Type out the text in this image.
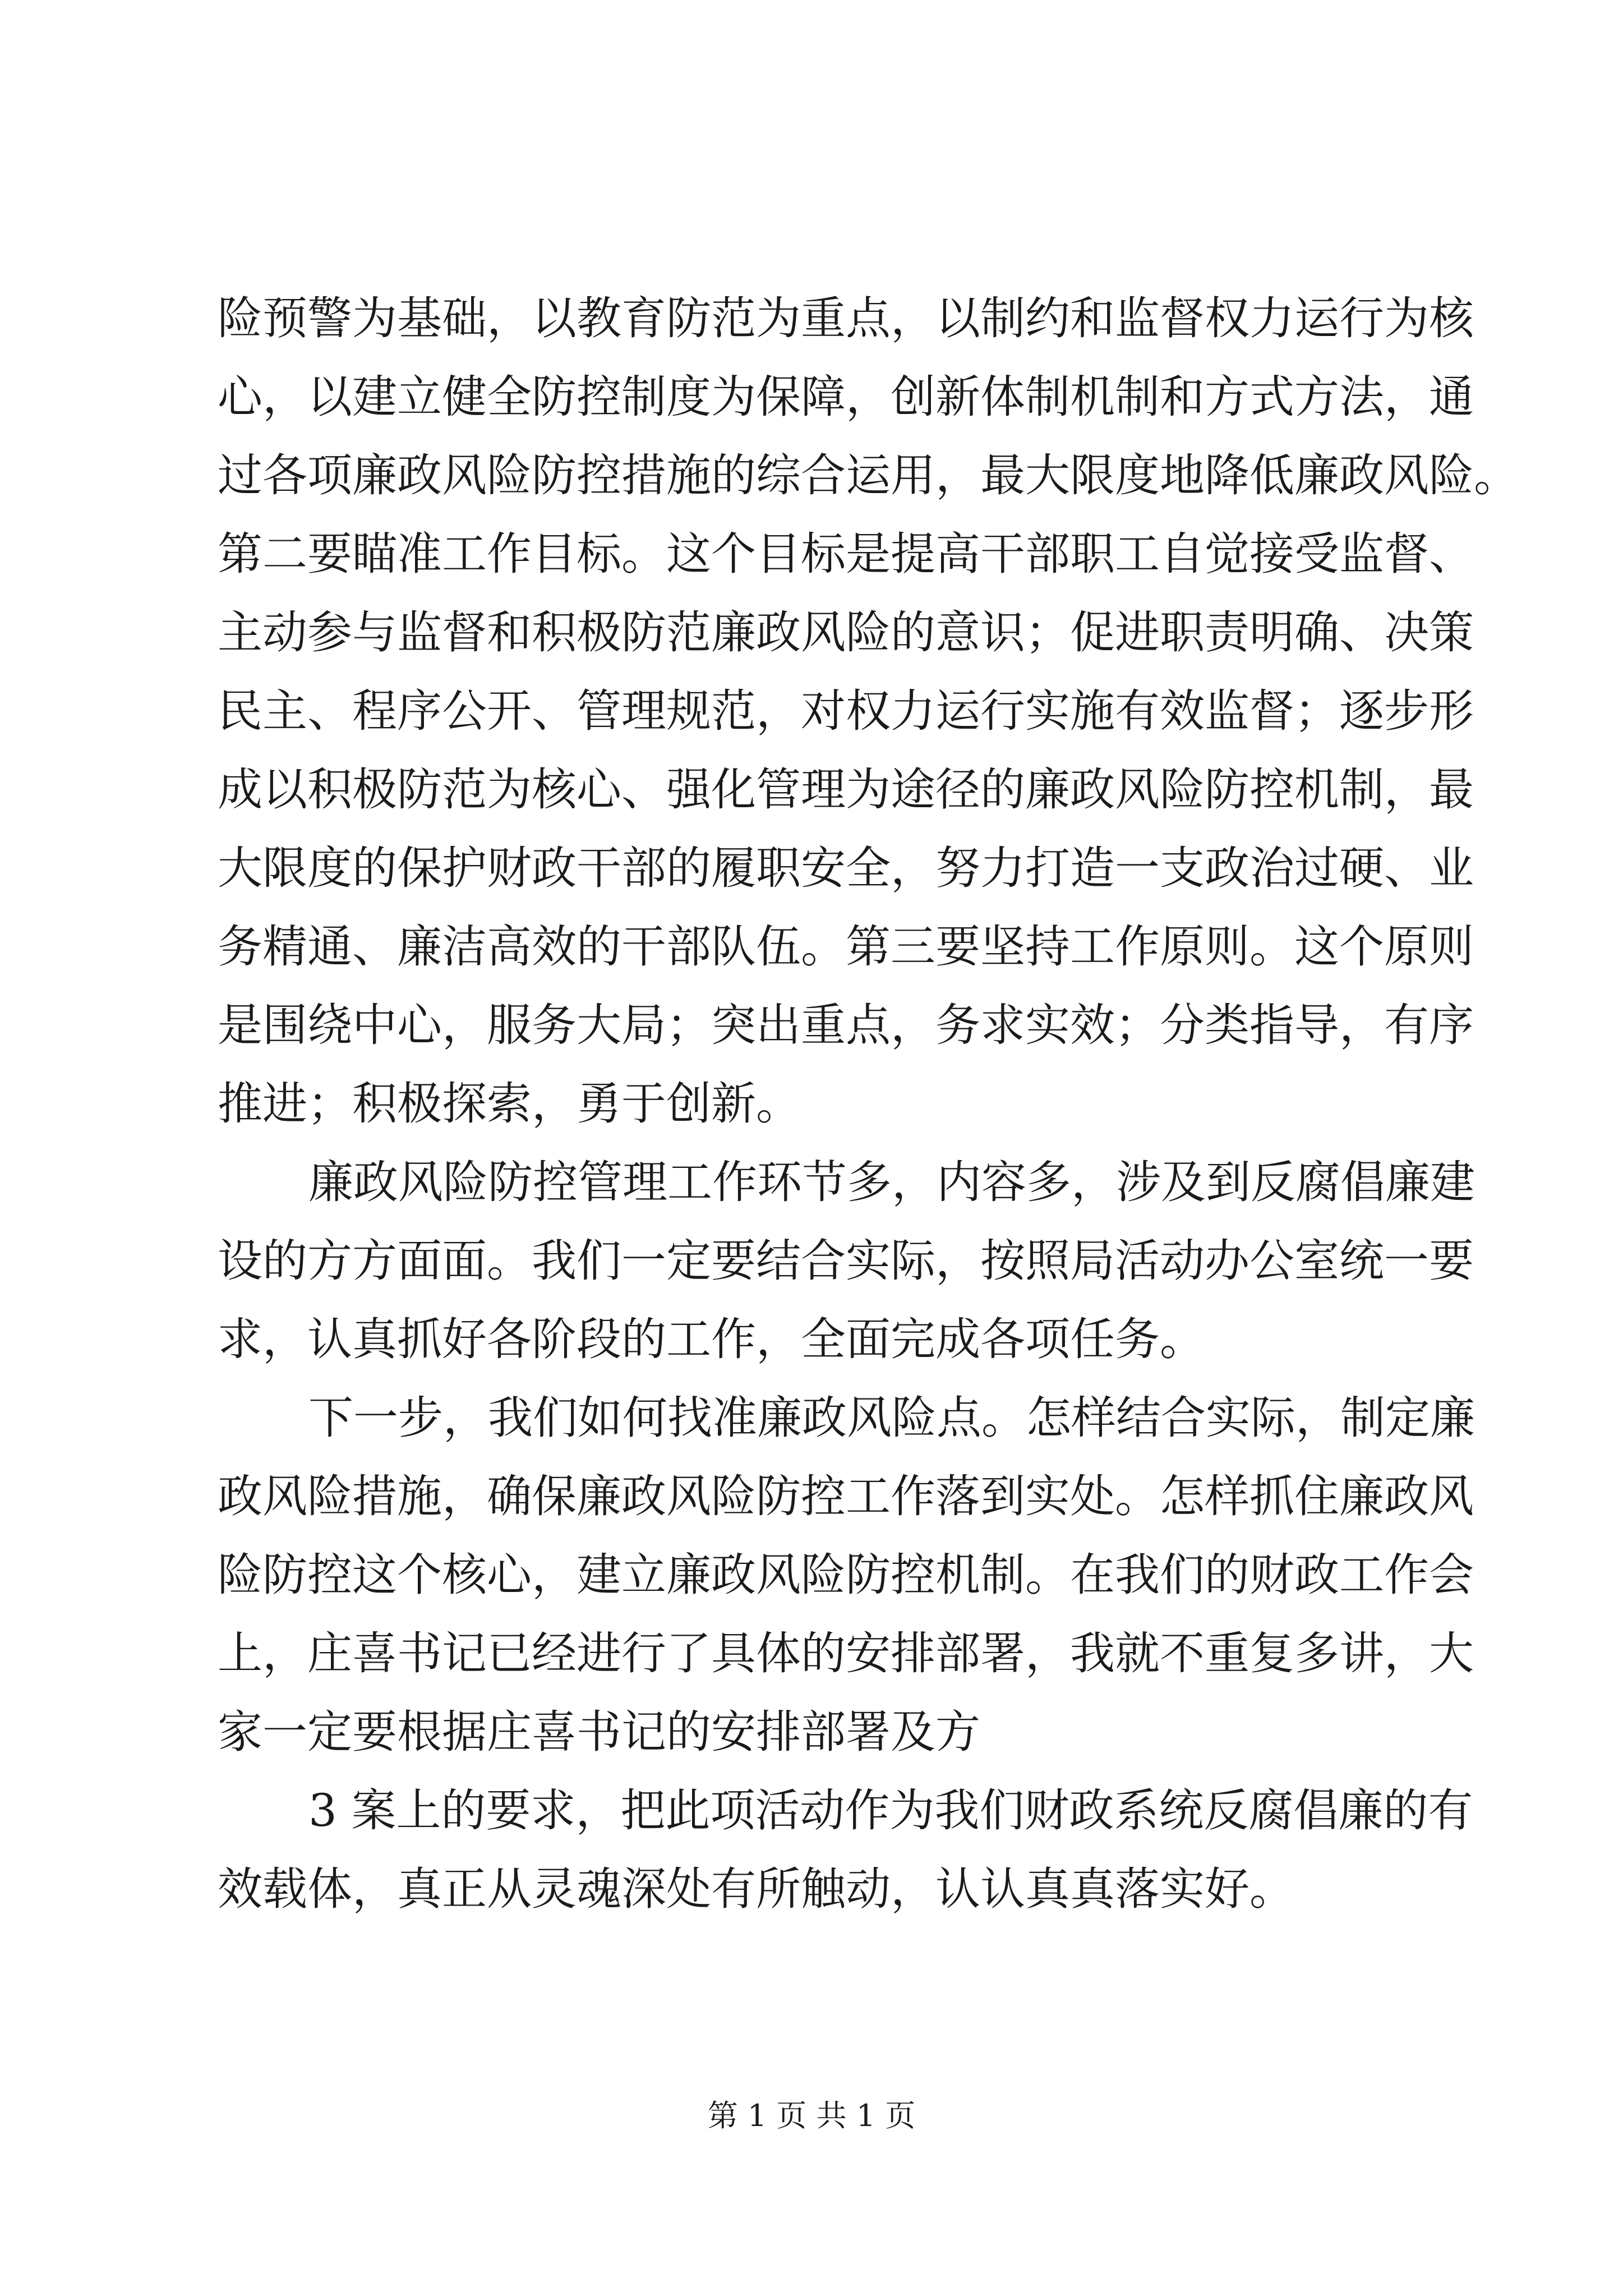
险预警为基础，以教育防范为重点，以制约和监督权力运行为核
心，以建立健全防控制度为保障，创新体制机制和方式方法，通
过各项廉政风险防控措施的综合运用，最大限度地降低廉政风险。
第二要瞄准工作目标。这个目标是提高干部职工自觉接受监督、
主动参与监督和积极防范廉政风险的意识；促进职责明确、决策
民主、程序公开、管理规范，对权力运行实施有效监督；逐步形
成以积极防范为核心、强化管理为途径的廉政风险防控机制，最
大限度的保护财政干部的履职安全，努力打造一支政治过硬、业
务精通、廉洁高效的干部队伍。第三要坚持工作原则。这个原则
是围绕中心，服务大局；突出重点，务求实效；分类指导，有序
推进；积极探索，勇于创新。
廉政风险防控管理工作环节多，内容多，涉及到反腐倡廉建
设的方方面面。我们一定要结合实际，按照局活动办公室统一要
求，认真抓好各阶段的工作，全面完成各项任务。
下一步，我们如何找准廉政风险点。怎样结合实际，制定廉
政风险措施，确保廉政风险防控工作落到实处。怎样抓住廉政风
险防控这个核心，建立廉政风险防控机制。在我们的财政工作会
上，庄喜书记已经进行了具体的安排部署，我就不重复多讲，大
家一定要根据庄喜书记的安排部署及方
3 案上的要求，把此项活动作为我们财政系统反腐倡廉的有
效载体，真正从灵魂深处有所触动，认认真真落实好。
第 1 页 共 1 页
